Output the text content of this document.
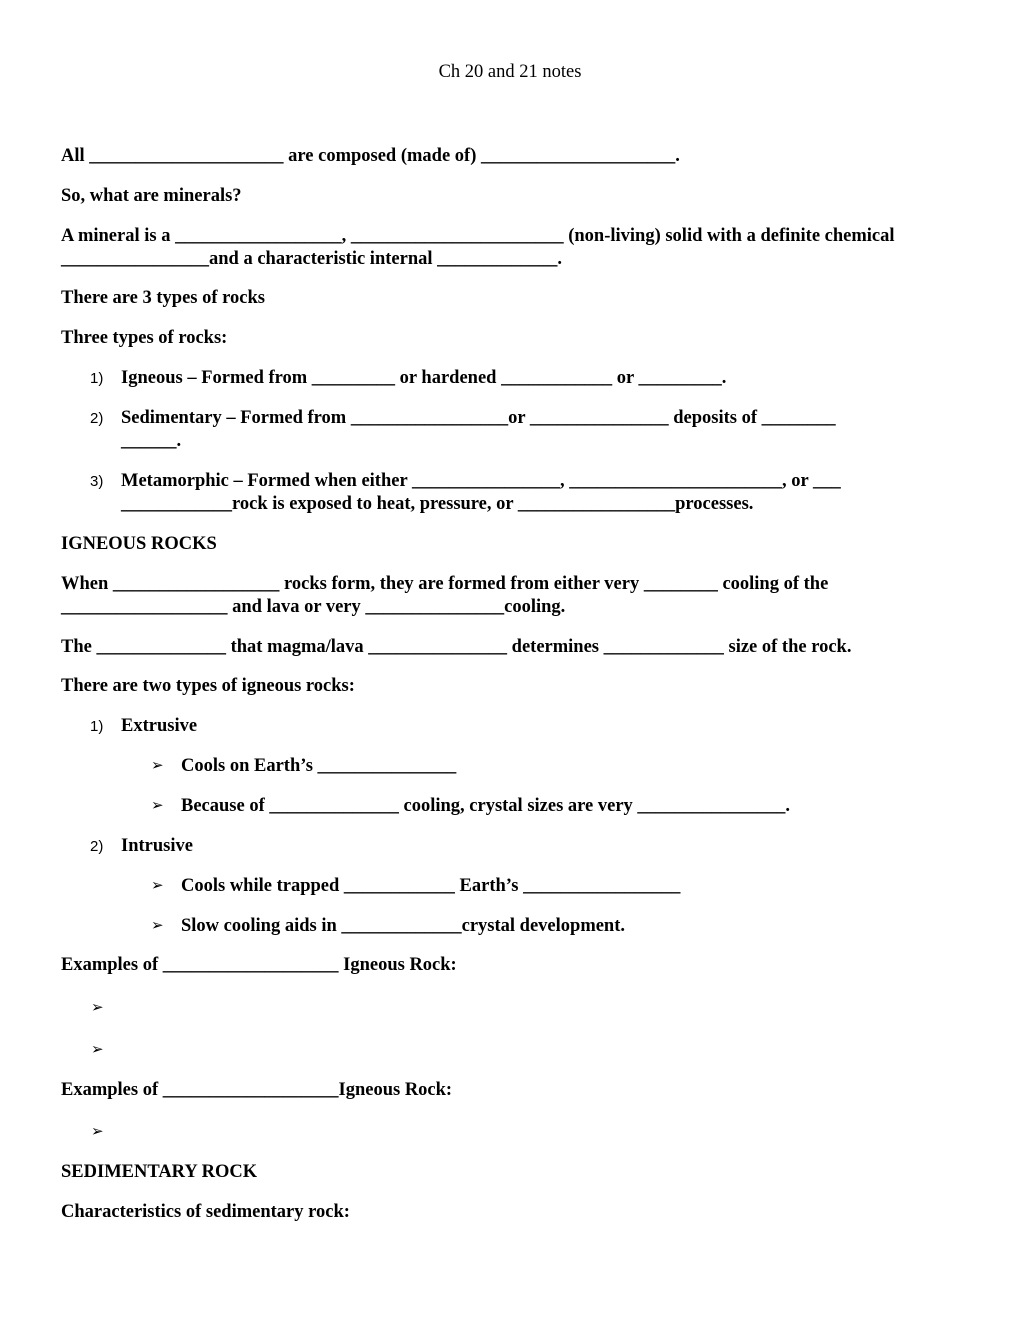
Ch 20 and 21 notes
All _____________________ are composed (made of) _____________________.
So, what are minerals?
A mineral is a __________________, _______________________ (non-living) solid with a definite chemical
________________and a characteristic internal _____________.
There are 3 types of rocks
Three types of rocks:
1) Igneous – Formed from _________ or hardened ____________ or _________.
2) Sedimentary – Formed from _________________or _______________ deposits of ________
______.
3) Metamorphic – Formed when either ________________, _______________________, or ___
____________rock is exposed to heat, pressure, or _________________processes.
IGNEOUS ROCKS
When __________________ rocks form, they are formed from either very ________ cooling of the
__________________ and lava or very _______________cooling.
The ______________ that magma/lava _______________ determines _____________ size of the rock.
There are two types of igneous rocks:
1) Extrusive
➢ Cools on Earth’s _______________
➢ Because of ______________ cooling, crystal sizes are very ________________.
2) Intrusive
➢ Cools while trapped ____________ Earth’s _________________
➢ Slow cooling aids in _____________crystal development.
Examples of ___________________ Igneous Rock:
➢
➢
Examples of ___________________Igneous Rock:
➢
SEDIMENTARY ROCK
Characteristics of sedimentary rock:
